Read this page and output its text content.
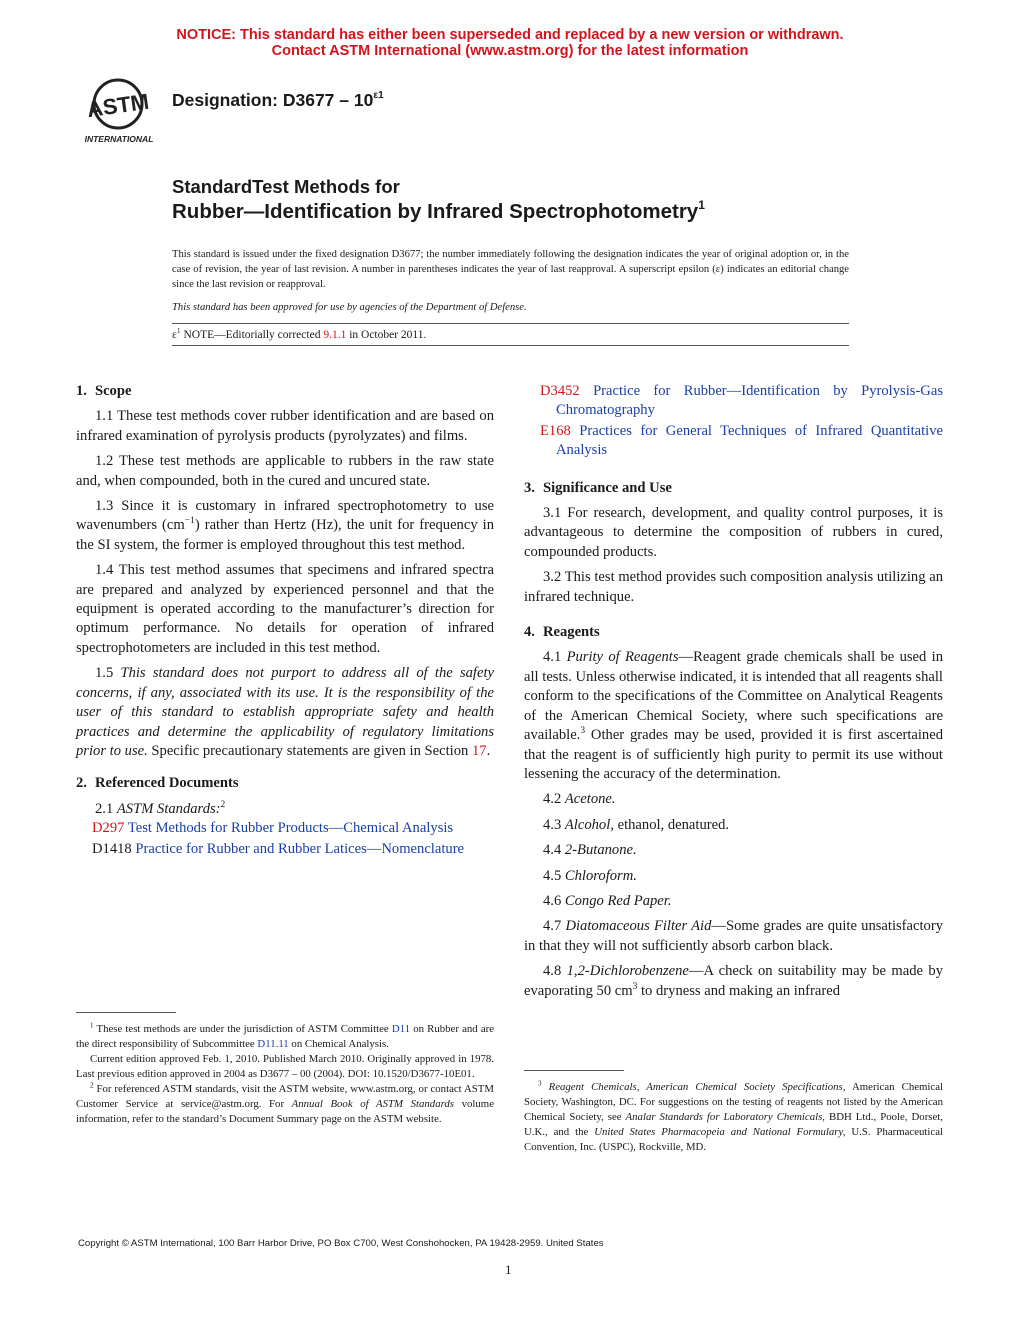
NOTICE: This standard has either been superseded and replaced by a new version or withdrawn.
Contact ASTM International (www.astm.org) for the latest information
ASTM
INTERNATIONAL
Designation: $D3677 - 10^{\varepsilon 1}$
StandardTest Methods for
Rubber—Identification by Infrared Spectrophotometry$^1$

This standard is issued under the fixed designation D3677; the number immediately following the designation indicates the year of original adoption or, in the case of revision, the year of last revision. A number in parentheses indicates the year of last reapproval. A superscript epsilon (ε) indicates an editorial change since the last revision or reapproval.

This standard has been approved for use by agencies of the Department of Defense.
$\varepsilon^1$ NOTE—Editorially corrected 9.1.1 in October 2011.

1. Scope

1.1 These test methods cover rubber identification and are based on infrared examination of pyrolysis products (pyrolyzates) and films.

1.2 These test methods are applicable to rubbers in the raw state and, when compounded, both in the cured and uncured state.

1.3 Since it is customary in infrared spectrophotometry to use wavenumbers $(cm^{-1})$ rather than Hertz (Hz), the unit for frequency in the SI system, the former is employed throughout this test method.

1.4 This test method assumes that specimens and infrared spectra are prepared and analyzed by experienced personnel and that the equipment is operated according to the manufacturer’s direction for optimum performance. No details for operation of infrared spectrophotometers are included in this test method.

1.5 This standard does not purport to address all of the safety concerns, if any, associated with its use. It is the responsibility of the user of this standard to establish appropriate safety and health practices and determine the applicability of regulatory limitations prior to use. Specific precautionary statements are given in Section 17.

2. Referenced Documents

2.1 ASTM Standards:$^2$

D297 Test Methods for Rubber Products—Chemical Analysis

D1418 Practice for Rubber and Rubber Latices—Nomenclature

D3452 Practice for Rubber—Identification by Pyrolysis-Gas Chromatography

E168 Practices for General Techniques of Infrared Quantitative Analysis

3. Significance and Use

3.1 For research, development, and quality control purposes, it is advantageous to determine the composition of rubbers in cured, compounded products.

3.2 This test method provides such composition analysis utilizing an infrared technique.

4. Reagents

4.1 Purity of Reagents—Reagent grade chemicals shall be used in all tests. Unless otherwise indicated, it is intended that all reagents shall conform to the specifications of the Committee on Analytical Reagents of the American Chemical Society, where such specifications are available.$^3$ Other grades may be used, provided it is first ascertained that the reagent is of sufficiently high purity to permit its use without lessening the accuracy of the determination.

4.2 Acetone.

4.3 Alcohol, ethanol, denatured.

4.4 2-Butanone.

4.5 Chloroform.

4.6 Congo Red Paper.

4.7 Diatomaceous Filter Aid—Some grades are quite unsatisfactory in that they will not sufficiently absorb carbon black.

4.8 1,2-Dichlorobenzene—A check on suitability may be made by evaporating 50 $cm^3$ to dryness and making an infrared

$^1$ These test methods are under the jurisdiction of ASTM Committee D11 on Rubber and are the direct responsibility of Subcommittee D11.11 on Chemical Analysis.

Current edition approved Feb. 1, 2010. Published March 2010. Originally approved in 1978. Last previous edition approved in 2004 as D3677 – 00 (2004). DOI: 10.1520/D3677-10E01.

$^2$ For referenced ASTM standards, visit the ASTM website, www.astm.org, or contact ASTM Customer Service at service@astm.org. For Annual Book of ASTM Standards volume information, refer to the standard’s Document Summary page on the ASTM website.

$^3$ Reagent Chemicals, American Chemical Society Specifications, American Chemical Society, Washington, DC. For suggestions on the testing of reagents not listed by the American Chemical Society, see Analar Standards for Laboratory Chemicals, BDH Ltd., Poole, Dorset, U.K., and the United States Pharmacopeia and National Formulary, U.S. Pharmaceutical Convention, Inc. (USPC), Rockville, MD.

Copyright © ASTM International, 100 Barr Harbor Drive, PO Box C700, West Conshohocken, PA 19428-2959. United States
1
